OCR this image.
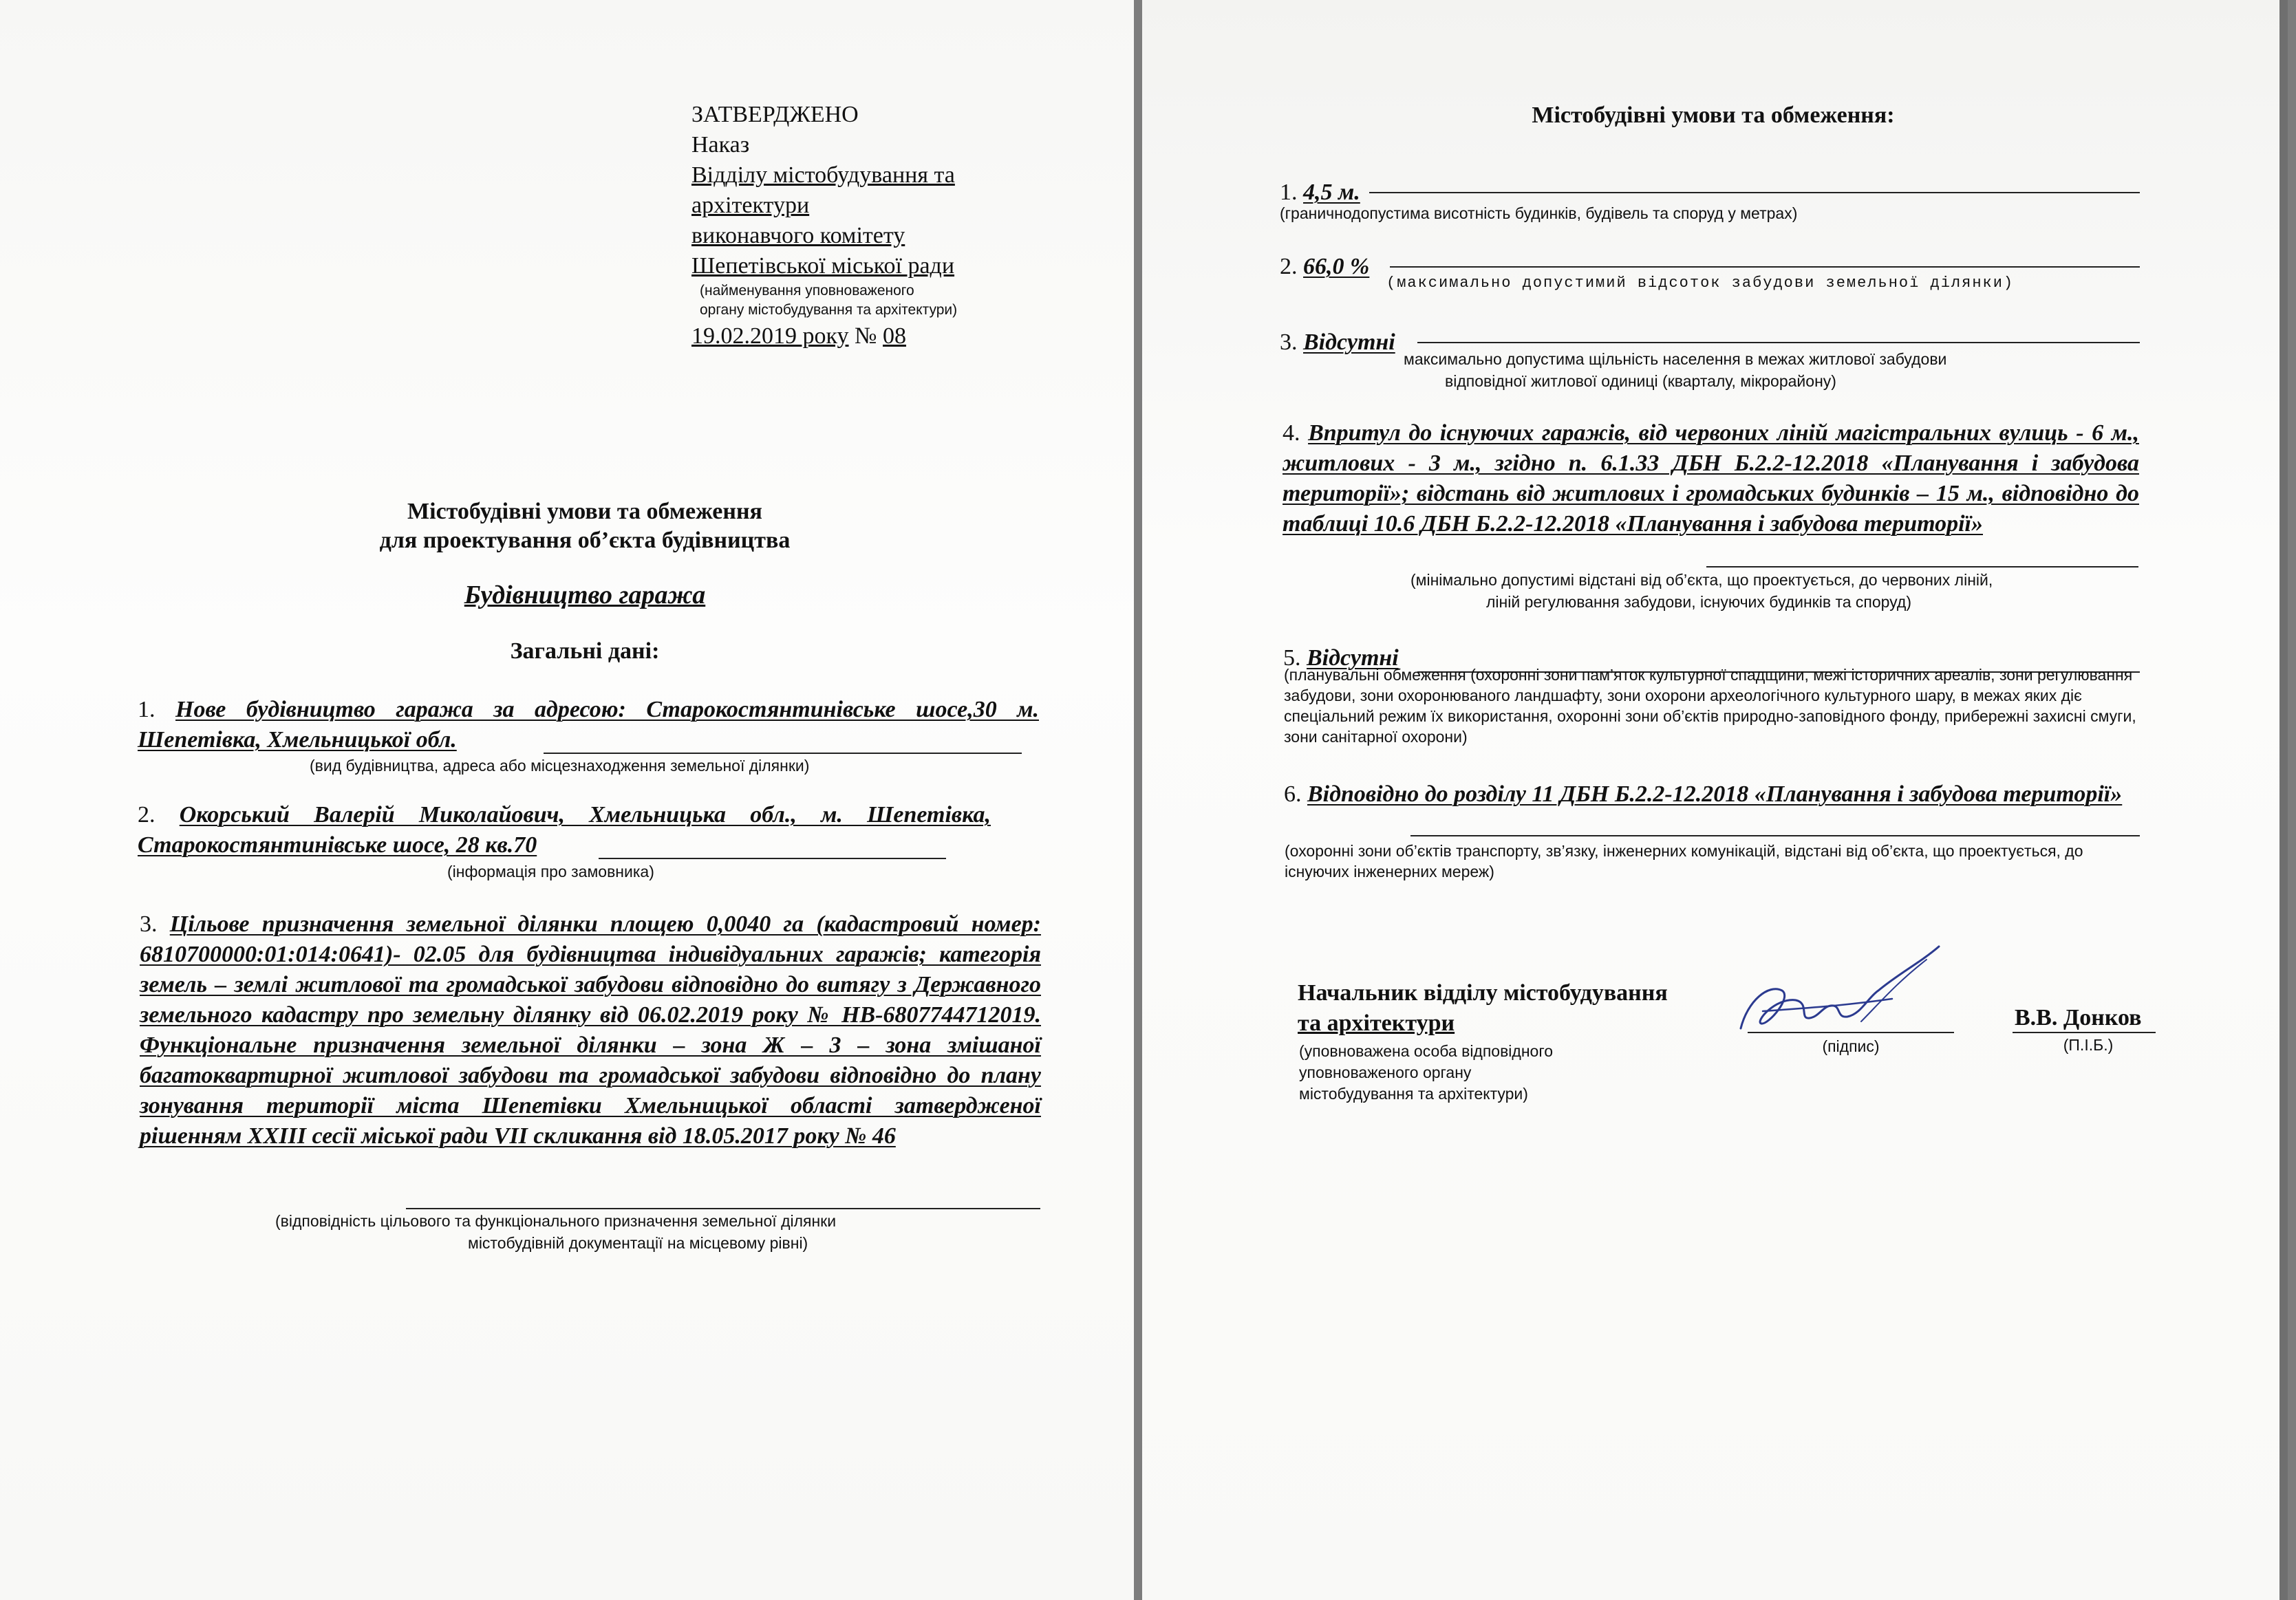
ЗАТВЕРДЖЕНО
Наказ
Відділу містобудування та
архітектури
виконавчого комітету
Шепетівської міської ради
(найменування уповноваженого
органу містобудування та архітектури)
19.02.2019 року № 08
Містобудівні умови та обмеження
для проектування об’єкта будівництва
Будівництво гаража
Загальні дані:
1. Нове будівництво гаража за адресою: Старокостянтинівське шосе,30 м. Шепетівка, Хмельницької обл.
(вид будівництва, адреса або місцезнаходження земельної ділянки)
2. Окорський Валерій Миколайович, Хмельницька обл., м. Шепетівка, Старокостянтинівське шосе, 28 кв.70
(інформація про замовника)
3. Цільове призначення земельної ділянки площею 0,0040 га (кадастровий номер: 6810700000:01:014:0641)- 02.05 для будівництва індивідуальних гаражів; категорія земель – землі житлової та громадської забудови відповідно до витягу з Державного земельного кадастру про земельну ділянку від 06.02.2019 року № НВ-6807744712019. Функціональне призначення земельної ділянки – зона Ж – 3 – зона змішаної багатоквартирної житлової забудови та громадської забудови відповідно до плану зонування території міста Шепетівки Хмельницької області затвердженої рішенням XXIII сесії міської ради VII скликання від 18.05.2017 року № 46
(відповідність цільового та функціонального призначення земельної ділянки
містобудівній документації на місцевому рівні)
Містобудівні умови та обмеження:
1. 4,5 м.
(граничнодопустима висотність будинків, будівель та споруд у метрах)
2. 66,0 %
(максимально допустимий відсоток забудови земельної ділянки)
3. Відсутні
максимально допустима щільність населення в межах житлової забудови
відповідної житлової одиниці (кварталу, мікрорайону)
4. Впритул до існуючих гаражів, від червоних ліній магістральних вулиць - 6 м., житлових - 3 м., згідно п. 6.1.33 ДБН Б.2.2-12.2018 «Планування і забудова території»; відстань від житлових і громадських будинків – 15 м., відповідно до таблиці 10.6 ДБН Б.2.2-12.2018 «Планування і забудова території»
(мінімально допустимі відстані від об’єкта, що проектується, до червоних ліній,
ліній регулювання забудови, існуючих будинків та споруд)
5. Відсутні
(планувальні обмеження (охоронні зони пам’яток культурної спадщини, межі історичних ареалів, зони регулювання забудови, зони охоронюваного ландшафту, зони охорони археологічного культурного шару, в межах яких діє спеціальний режим їх використання, охоронні зони об’єктів природно-заповідного фонду, прибережні захисні смуги, зони санітарної охорони)
6. Відповідно до розділу 11 ДБН Б.2.2-12.2018 «Планування і забудова території»
(охоронні зони об’єктів транспорту, зв’язку, інженерних комунікацій, відстані від об’єкта, що проектується, до існуючих інженерних мереж)
Начальник відділу містобудування
та архітектури
(уповноважена особа відповідного
уповноваженого органу
містобудування та архітектури)
(підпис)
В.В. Донков
(П.І.Б.)
